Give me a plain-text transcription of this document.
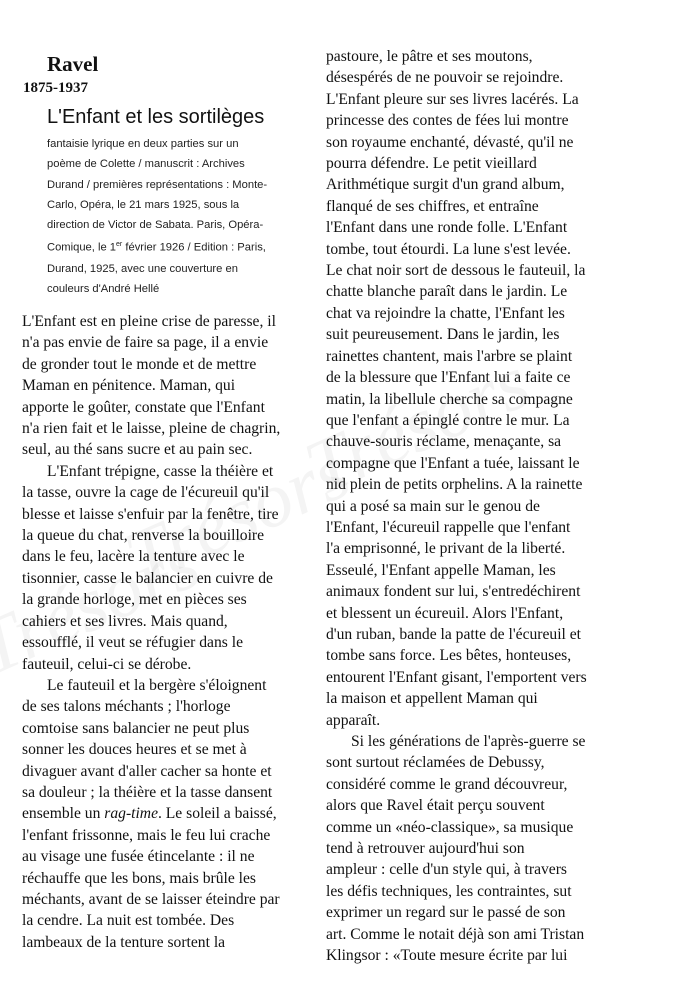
Ravel
1875-1937
L'Enfant et les sortilèges
fantaisie lyrique en deux parties sur un
poème de Colette / manuscrit : Archives
Durand / premières représentations : Monte-
Carlo, Opéra, le 21 mars 1925, sous la
direction de Victor de Sabata. Paris, Opéra-
Comique, le 1er février 1926 / Edition : Paris,
Durand, 1925, avec une couverture en
couleurs d'André Hellé

L'Enfant est en pleine crise de paresse, il
n'a pas envie de faire sa page, il a envie
de gronder tout le monde et de mettre
Maman en pénitence. Maman, qui
apporte le goûter, constate que l'Enfant
n'a rien fait et le laisse, pleine de chagrin,
seul, au thé sans sucre et au pain sec.

L'Enfant trépigne, casse la théière et
la tasse, ouvre la cage de l'écureuil qu'il
blesse et laisse s'enfuir par la fenêtre, tire
la queue du chat, renverse la bouilloire
dans le feu, lacère la tenture avec le
tisonnier, casse le balancier en cuivre de
la grande horloge, met en pièces ses
cahiers et ses livres. Mais quand,
essoufflé, il veut se réfugier dans le
fauteuil, celui-ci se dérobe.

Le fauteuil et la bergère s'éloignent
de ses talons méchants ; l'horloge
comtoise sans balancier ne peut plus
sonner les douces heures et se met à
divaguer avant d'aller cacher sa honte et
sa douleur ; la théière et la tasse dansent
ensemble un rag-time. Le soleil a baissé,
l'enfant frissonne, mais le feu lui crache
au visage une fusée étincelante : il ne
réchauffe que les bons, mais brûle les
méchants, avant de se laisser éteindre par
la cendre. La nuit est tombée. Des
lambeaux de la tenture sortent la

pastoure, le pâtre et ses moutons,
désespérés de ne pouvoir se rejoindre.
L'Enfant pleure sur ses livres lacérés. La
princesse des contes de fées lui montre
son royaume enchanté, dévasté, qu'il ne
pourra défendre. Le petit vieillard
Arithmétique surgit d'un grand album,
flanqué de ses chiffres, et entraîne
l'Enfant dans une ronde folle. L'Enfant
tombe, tout étourdi. La lune s'est levée.
Le chat noir sort de dessous le fauteuil, la
chatte blanche paraît dans le jardin. Le
chat va rejoindre la chatte, l'Enfant les
suit peureusement. Dans le jardin, les
rainettes chantent, mais l'arbre se plaint
de la blessure que l'Enfant lui a faite ce
matin, la libellule cherche sa compagne
que l'enfant a épinglé contre le mur. La
chauve-souris réclame, menaçante, sa
compagne que l'Enfant a tuée, laissant le
nid plein de petits orphelins. A la rainette
qui a posé sa main sur le genou de
l'Enfant, l'écureuil rappelle que l'enfant
l'a emprisonné, le privant de la liberté.
Esseulé, l'Enfant appelle Maman, les
animaux fondent sur lui, s'entredéchirent
et blessent un écureuil. Alors l'Enfant,
d'un ruban, bande la patte de l'écureuil et
tombe sans force. Les bêtes, honteuses,
entourent l'Enfant gisant, l'emportent vers
la maison et appellent Maman qui
apparaît.

Si les générations de l'après-guerre se
sont surtout réclamées de Debussy,
considéré comme le grand découvreur,
alors que Ravel était perçu souvent
comme un «néo-classique», sa musique
tend à retrouver aujourd'hui son
ampleur : celle d'un style qui, à travers
les défis techniques, les contraintes, sut
exprimer un regard sur le passé de son
art. Comme le notait déjà son ami Tristan
Klingsor : «Toute mesure écrite par lui
